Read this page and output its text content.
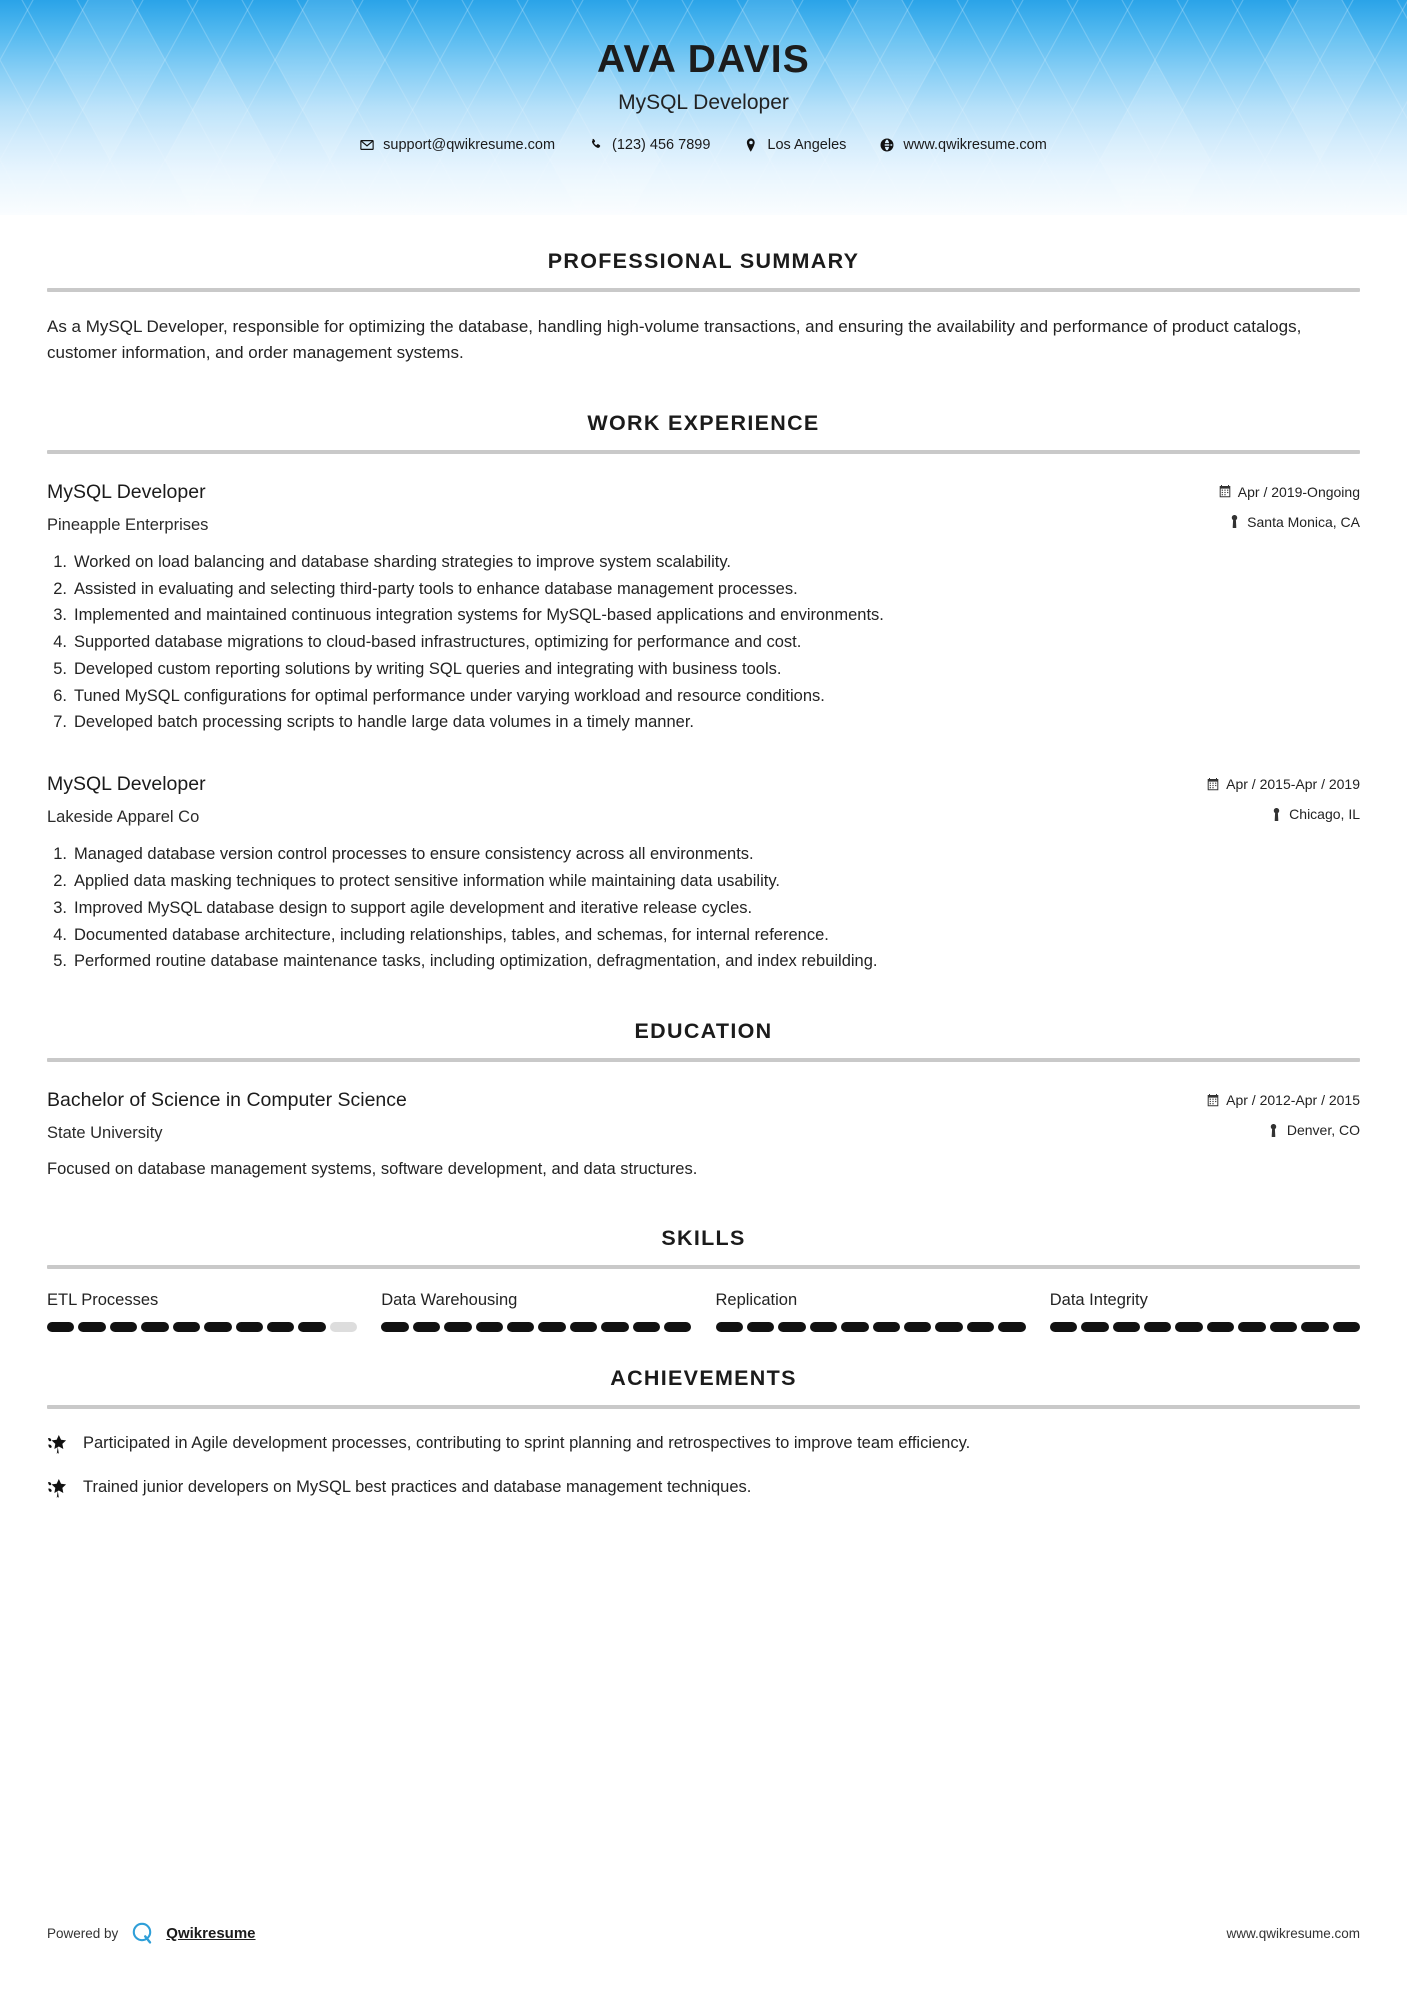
AVA DAVIS
MySQL Developer
support@qwikresume.com	(123) 456 7899	Los Angeles	www.qwikresume.com
PROFESSIONAL SUMMARY
As a MySQL Developer, responsible for optimizing the database, handling high-volume transactions, and ensuring the availability and performance of product catalogs, customer information, and order management systems.
WORK EXPERIENCE
MySQL Developer
Pineapple Enterprises
Apr / 2019-Ongoing
Santa Monica, CA
1. Worked on load balancing and database sharding strategies to improve system scalability.
2. Assisted in evaluating and selecting third-party tools to enhance database management processes.
3. Implemented and maintained continuous integration systems for MySQL-based applications and environments.
4. Supported database migrations to cloud-based infrastructures, optimizing for performance and cost.
5. Developed custom reporting solutions by writing SQL queries and integrating with business tools.
6. Tuned MySQL configurations for optimal performance under varying workload and resource conditions.
7. Developed batch processing scripts to handle large data volumes in a timely manner.
MySQL Developer
Lakeside Apparel Co
Apr / 2015-Apr / 2019
Chicago, IL
1. Managed database version control processes to ensure consistency across all environments.
2. Applied data masking techniques to protect sensitive information while maintaining data usability.
3. Improved MySQL database design to support agile development and iterative release cycles.
4. Documented database architecture, including relationships, tables, and schemas, for internal reference.
5. Performed routine database maintenance tasks, including optimization, defragmentation, and index rebuilding.
EDUCATION
Bachelor of Science in Computer Science
State University
Apr / 2012-Apr / 2015
Denver, CO
Focused on database management systems, software development, and data structures.
SKILLS
ETL Processes	Data Warehousing	Replication	Data Integrity
ACHIEVEMENTS
Participated in Agile development processes, contributing to sprint planning and retrospectives to improve team efficiency.
Trained junior developers on MySQL best practices and database management techniques.
Powered by	Qwikresume	www.qwikresume.com
